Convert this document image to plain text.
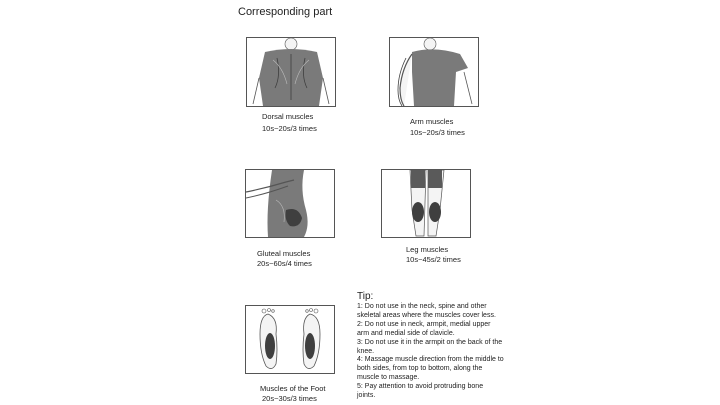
Corresponding part
Dorsal muscles
10s~20s/3 times
Arm muscles
10s~20s/3 times
Gluteal muscles
20s~60s/4 times
Leg muscles
10s~45s/2 times
Muscles of the Foot
20s~30s/3 times
Tip:
1: Do not use in the neck, spine and other
skeletal areas where the muscles cover less.
2: Do not use in neck, armpit, medial upper
arm and medial side of clavicle.
3: Do not use it in the armpit on the back of the
knee.
4: Massage muscle direction from the middle to
both sides, from top to bottom, along the
muscle to massage.
5: Pay attention to avoid protruding bone
joints.
